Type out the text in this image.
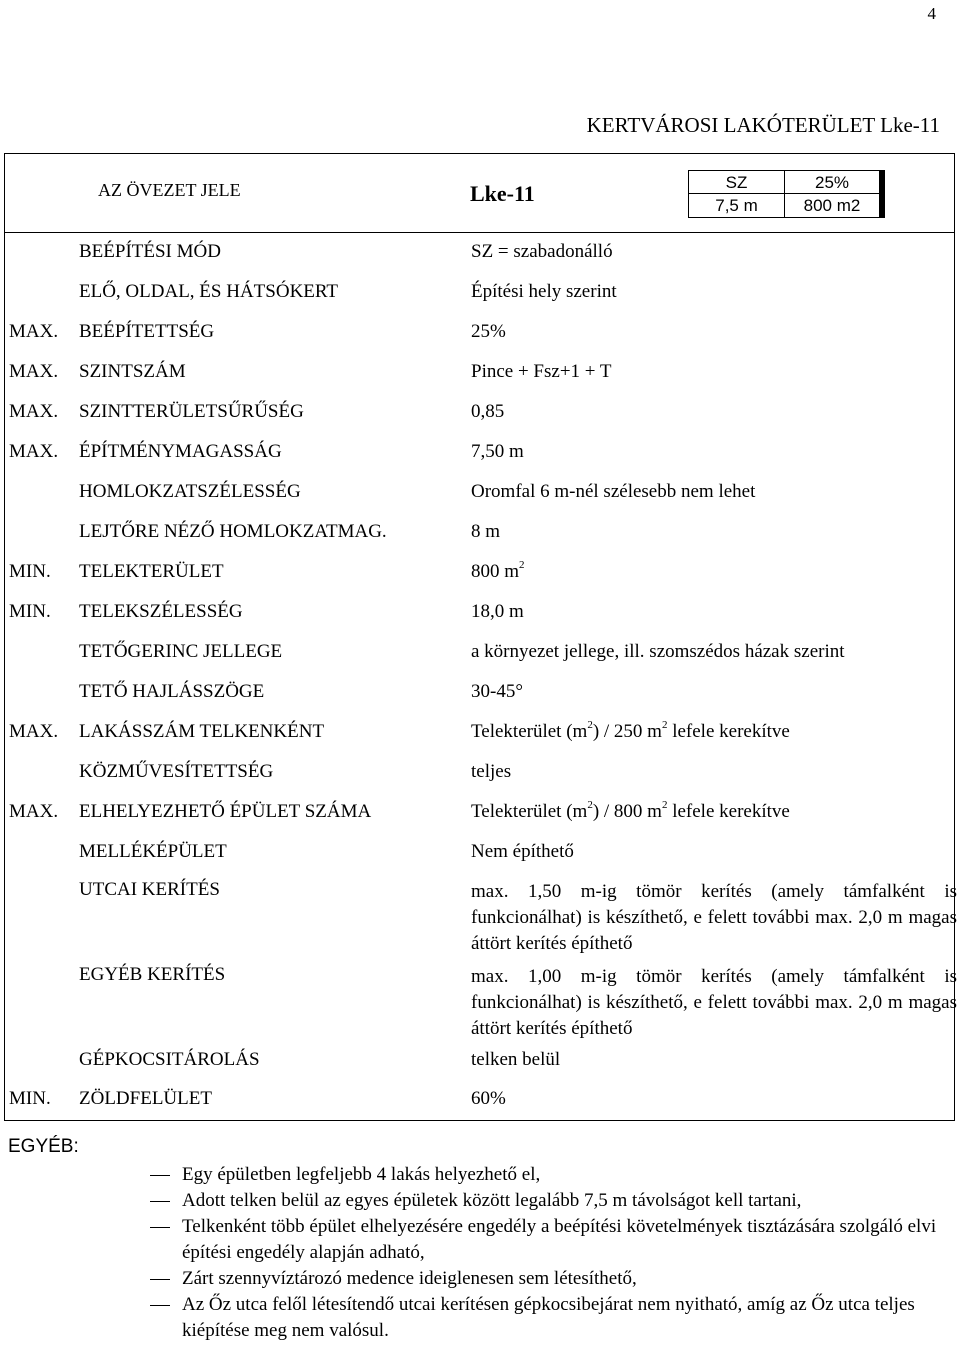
4
KERTVÁROSI LAKÓTERÜLET Lke-11
AZ ÖVEZET JELE	Lke-11	SZ	25%
7,5 m	800 m2
BEÉPÍTÉSI MÓD	SZ = szabadonálló
ELŐ, OLDAL, ÉS HÁTSÓKERT	Építési hely szerint
MAX. BEÉPÍTETTSÉG	25%
MAX. SZINTSZÁM	Pince + Fsz+1 + T
MAX. SZINTTERÜLETSŰRŰSÉG	0,85
MAX. ÉPÍTMÉNYMAGASSÁG	7,50 m
HOMLOKZATSZÉLESSÉG	Oromfal 6 m-nél szélesebb nem lehet
LEJTŐRE NÉZŐ HOMLOKZATMAG.	8 m
MIN. TELEKTERÜLET	800 $m^2$
MIN. TELEKSZÉLESSÉG	18,0 m
TETŐGERINC JELLEGE	a környezet jellege, ill. szomszédos házak szerint
TETŐ HAJLÁSSZÖGE	30-45°
MAX. LAKÁSSZÁM TELKENKÉNT	Telekterület $(m^2) / 250$ $m^2$ lefele kerekítve
KÖZMŰVESÍTETTSÉG	teljes
MAX. ELHELYEZHETŐ ÉPÜLET SZÁMA	Telekterület $(m^2) / 800$ $m^2$ lefele kerekítve
MELLÉKÉPÜLET	Nem építhető
UTCAI KERÍTÉS	max. 1,50 m-ig tömör kerítés (amely támfalként is funkcionálhat) is készíthető, e felett további max. 2,0 m magas áttört kerítés építhető
EGYÉB KERÍTÉS	max. 1,00 m-ig tömör kerítés (amely támfalként is funkcionálhat) is készíthető, e felett további max. 2,0 m magas áttört kerítés építhető
GÉPKOCSITÁROLÁS	telken belül
MIN. ZÖLDFELÜLET	60%
EGYÉB:
Egy épületben legfeljebb 4 lakás helyezhető el,
Adott telken belül az egyes épületek között legalább 7,5 m távolságot kell tartani,
Telkenként több épület elhelyezésére engedély a beépítési követelmények tisztázására szolgáló elvi építési engedély alapján adható,
Zárt szennyvíztározó medence ideiglenesen sem létesíthető,
Az Őz utca felől létesítendő utcai kerítésen gépkocsibejárat nem nyitható, amíg az Őz utca teljes kiépítése meg nem valósul.
